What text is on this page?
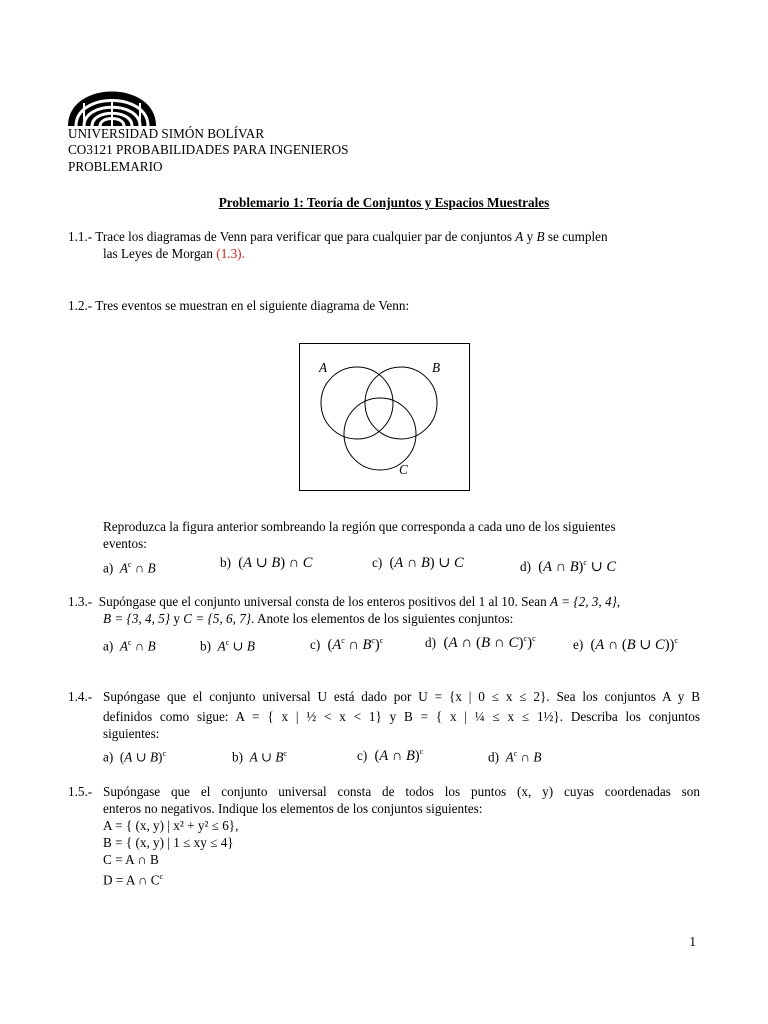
UNIVERSIDAD SIMÓN BOLÍVAR
CO3121 PROBABILIDADES PARA INGENIEROS
PROBLEMARIO
Problemario 1: Teoría de Conjuntos y Espacios Muestrales
1.1.- Trace los diagramas de Venn para verificar que para cualquier par de conjuntos A y B se cumplen
las Leyes de Morgan (1.3).
1.2.- Tres eventos se muestran en el siguiente diagrama de Venn:
A	B
C
Reproduzca la figura anterior sombreando la región que corresponda a cada uno de los siguientes
eventos:
a) $A^c$ ∩ B	b)  (A ∪ B) ∩ C	c)  (A ∩ B) ∪ C	d)  (A ∩ B)$^c$ ∪ C
1.3.- Supóngase que el conjunto universal consta de los enteros positivos del 1 al 10. Sean A = {2, 3, 4},
B = {3, 4, 5} y C = {5, 6, 7}. Anote los elementos de los siguientes conjuntos:
a) $A^c$ ∩ B	b) $A^c$ ∪ B	c)  ($A^c$ ∩ $B^c)^c$	d)  (A ∩ (B ∩ C)$^c$)$^c$	e)  (A ∩ (B ∪ C))$^c$
1.4.- Supóngase que el conjunto universal U está dado por U = {x | 0 ≤ x ≤ 2}. Sea los conjuntos A y B
definidos como sigue: A = { x | ½ < x < 1} y B = { x | ¼ ≤ x ≤ 1½}. Describa los conjuntos
siguientes:
a)  (A ∪ B)$^c$	b) A ∪ $B^c$	c)  (A ∩ B)$^c$	d) $A^c$ ∩ B
1.5.- Supóngase que el conjunto universal consta de todos los puntos (x, y) cuyas coordenadas son
enteros no negativos. Indique los elementos de los conjuntos siguientes:
A = { (x, y) | x² + y² ≤ 6},
B = { (x, y) | 1 ≤ xy ≤ 4}
C = A ∩ B
D = A ∩ $C^c$
1
